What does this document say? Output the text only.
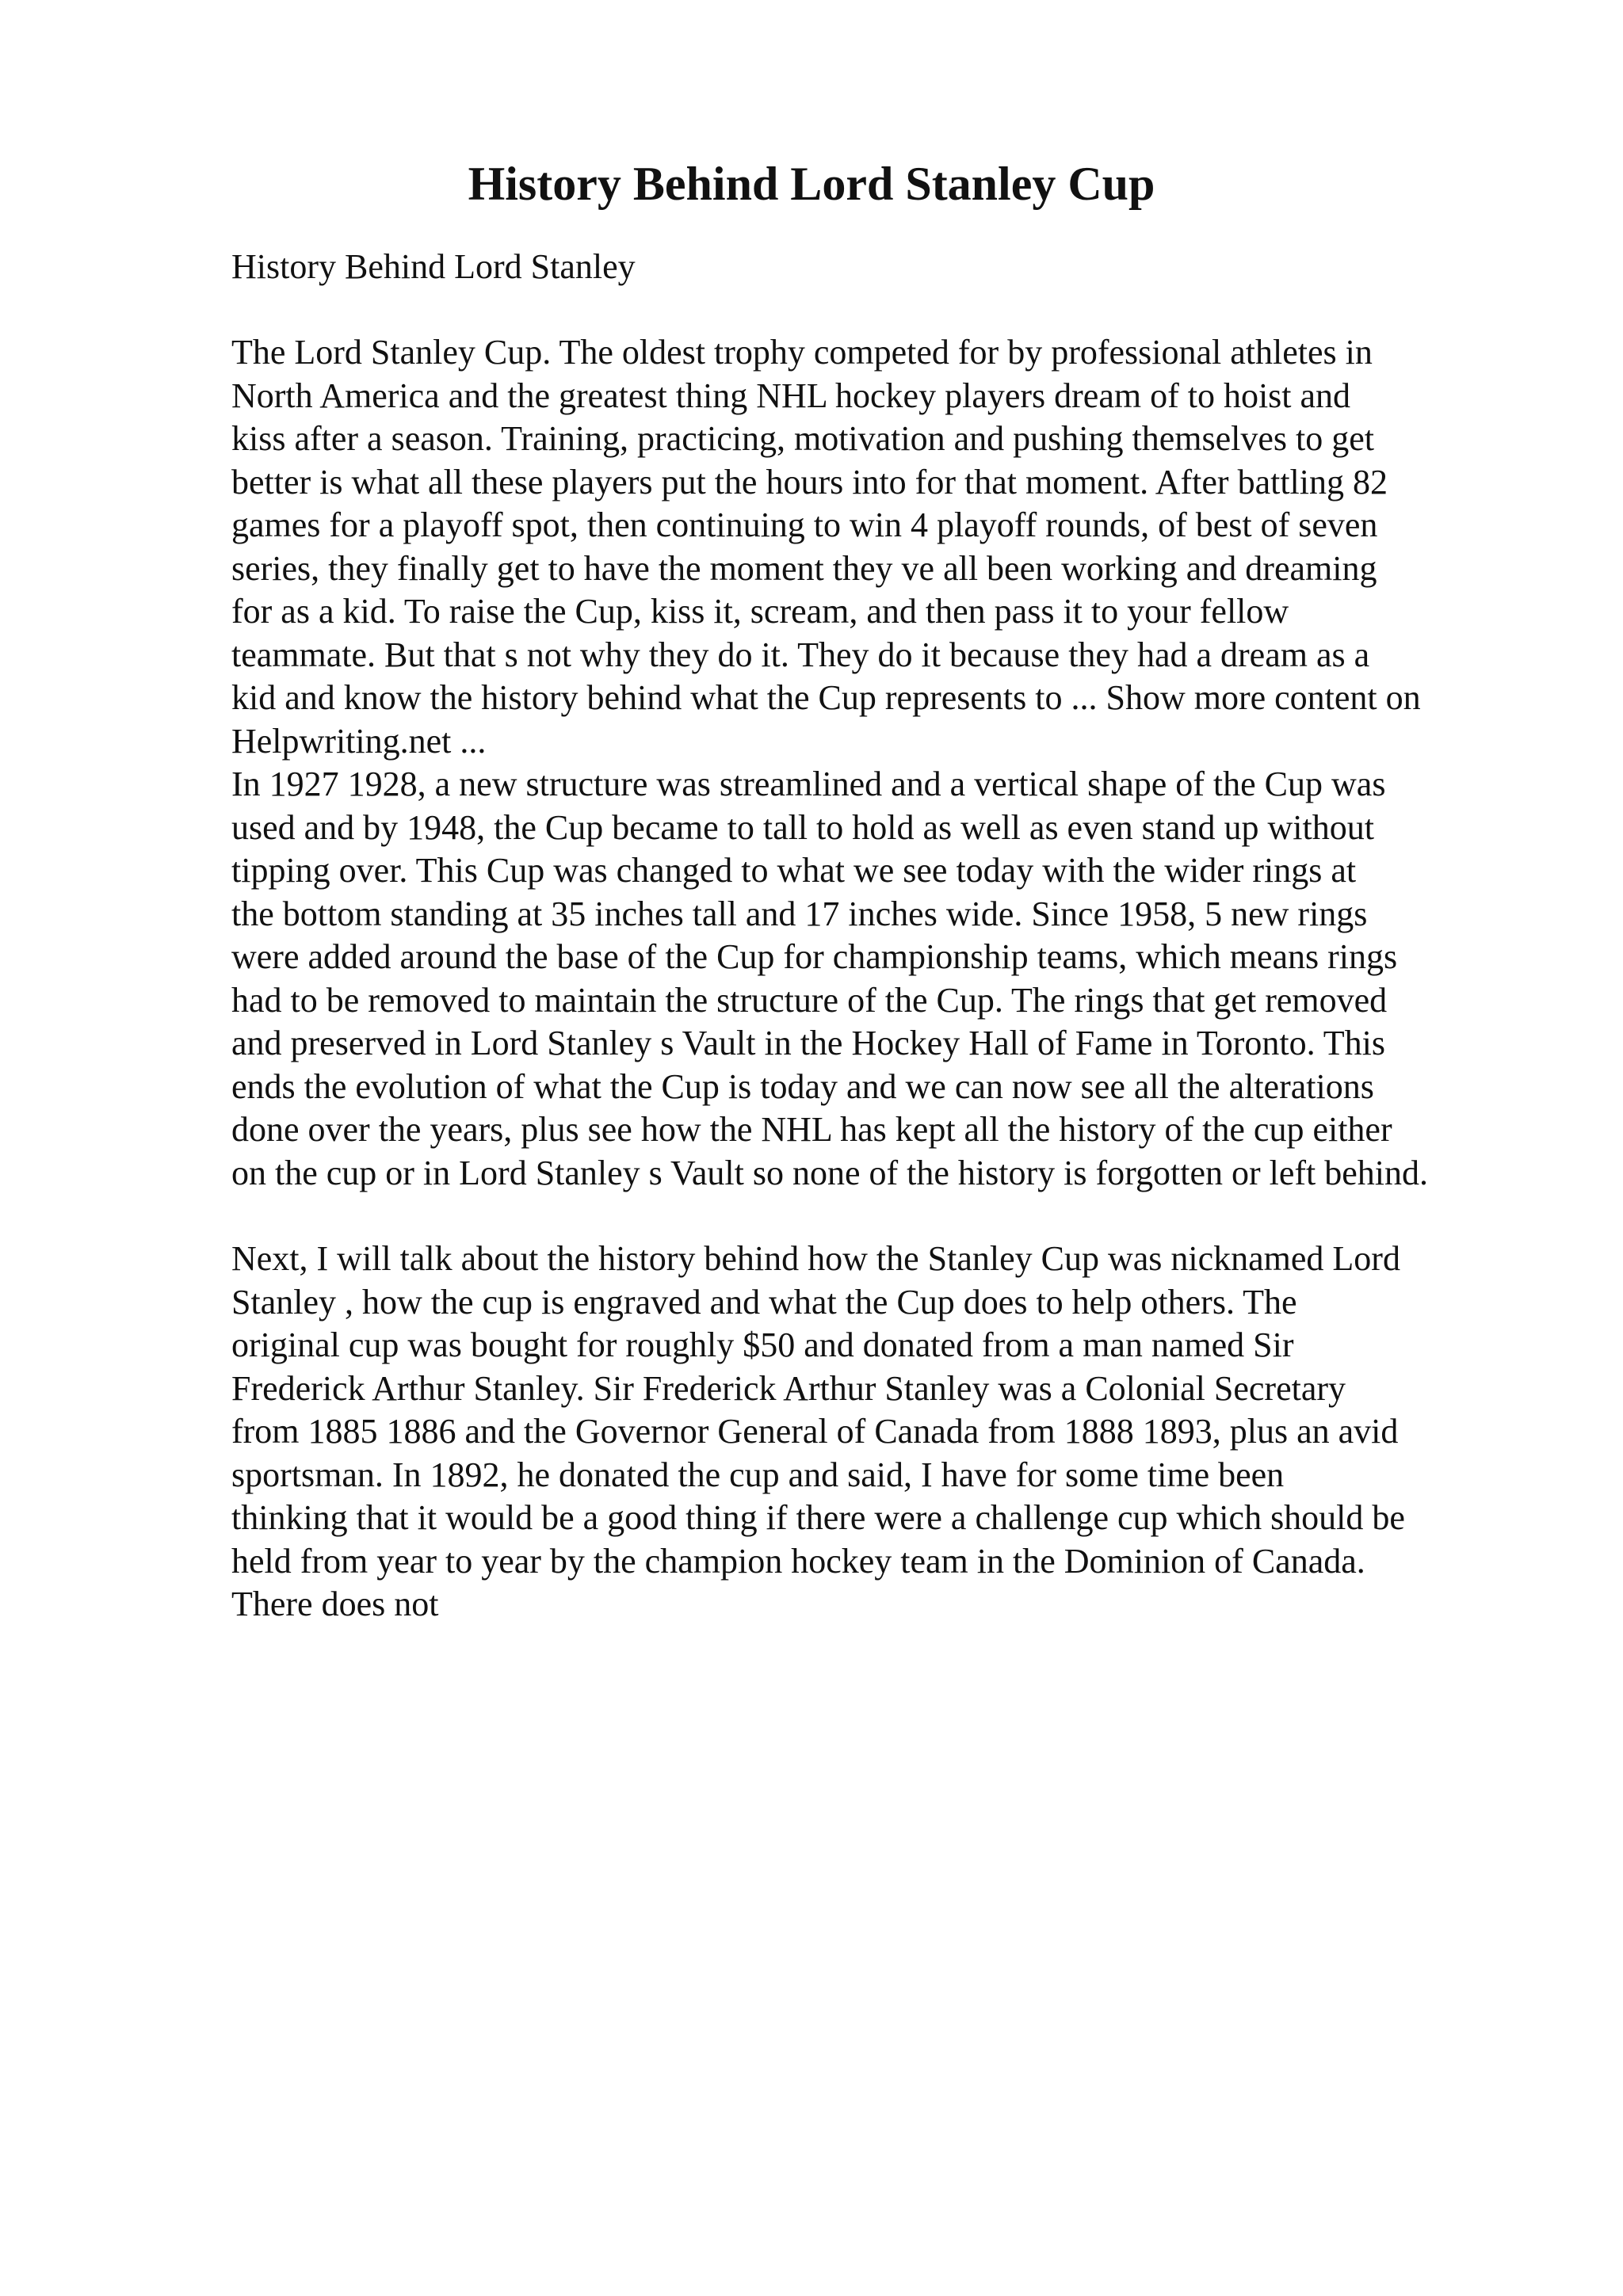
History Behind Lord Stanley Cup

History Behind Lord Stanley

The Lord Stanley Cup. The oldest trophy competed for by professional athletes in
North America and the greatest thing NHL hockey players dream of to hoist and
kiss after a season. Training, practicing, motivation and pushing themselves to get
better is what all these players put the hours into for that moment. After battling 82
games for a playoff spot, then continuing to win 4 playoff rounds, of best of seven
series, they finally get to have the moment they ve all been working and dreaming
for as a kid. To raise the Cup, kiss it, scream, and then pass it to your fellow
teammate. But that s not why they do it. They do it because they had a dream as a
kid and know the history behind what the Cup represents to ... Show more content on
Helpwriting.net ...

In 1927 1928, a new structure was streamlined and a vertical shape of the Cup was
used and by 1948, the Cup became to tall to hold as well as even stand up without
tipping over. This Cup was changed to what we see today with the wider rings at
the bottom standing at 35 inches tall and 17 inches wide. Since 1958, 5 new rings
were added around the base of the Cup for championship teams, which means rings
had to be removed to maintain the structure of the Cup. The rings that get removed
and preserved in Lord Stanley s Vault in the Hockey Hall of Fame in Toronto. This
ends the evolution of what the Cup is today and we can now see all the alterations
done over the years, plus see how the NHL has kept all the history of the cup either
on the cup or in Lord Stanley s Vault so none of the history is forgotten or left behind.

Next, I will talk about the history behind how the Stanley Cup was nicknamed Lord
Stanley , how the cup is engraved and what the Cup does to help others. The
original cup was bought for roughly $50 and donated from a man named Sir
Frederick Arthur Stanley. Sir Frederick Arthur Stanley was a Colonial Secretary
from 1885 1886 and the Governor General of Canada from 1888 1893, plus an avid
sportsman. In 1892, he donated the cup and said, I have for some time been
thinking that it would be a good thing if there were a challenge cup which should be
held from year to year by the champion hockey team in the Dominion of Canada.
There does not
